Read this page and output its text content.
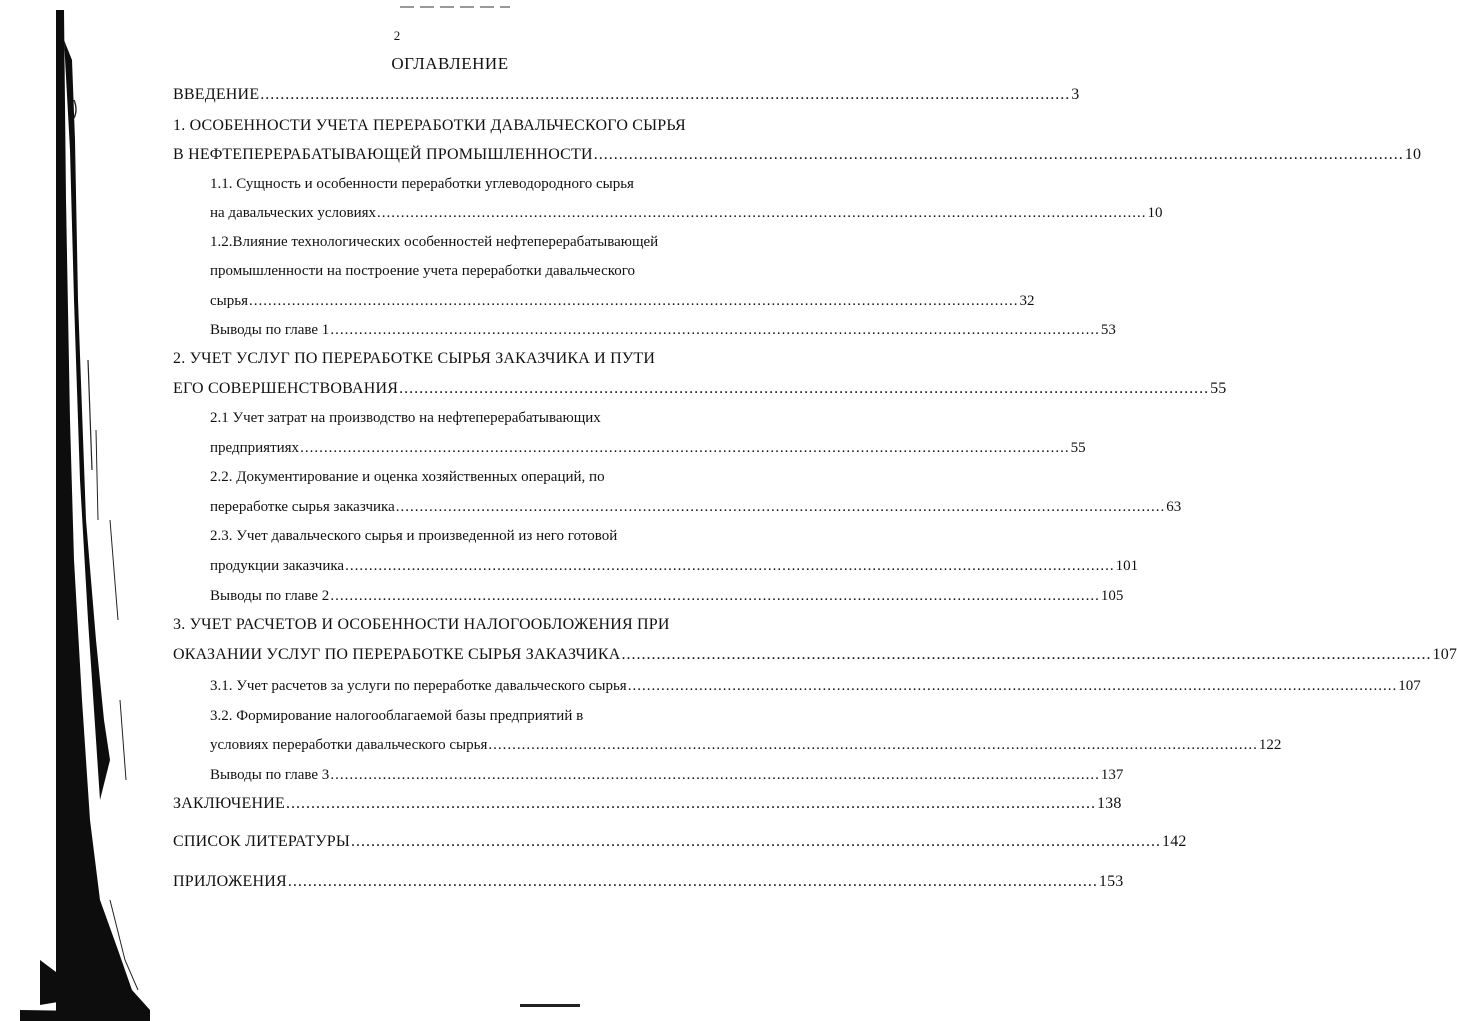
2
ОГЛАВЛЕНИЕ
ВВЕДЕНИЕ .................................................................................................................................................................. 3
1. ОСОБЕННОСТИ УЧЕТА ПЕРЕРАБОТКИ ДАВАЛЬЧЕСКОГО СЫРЬЯ
В НЕФТЕПЕРЕРАБАТЫВАЮЩЕЙ ПРОМЫШЛЕННОСТИ .................................................................................................................................................................. 10
1.1. Сущность и особенности переработки углеводородного сырья
на давальческих условиях .................................................................................................................................................................. 10
1.2.Влияние технологических особенностей нефтеперерабатывающей
промышленности на построение учета переработки давальческого
сырья .................................................................................................................................................................. 32
Выводы по главе 1 .................................................................................................................................................................. 53
2. УЧЕТ УСЛУГ ПО ПЕРЕРАБОТКЕ СЫРЬЯ ЗАКАЗЧИКА И ПУТИ
ЕГО СОВЕРШЕНСТВОВАНИЯ .................................................................................................................................................................. 55
2.1 Учет затрат на производство на нефтеперерабатывающих
предприятиях .................................................................................................................................................................. 55
2.2. Документирование и оценка хозяйственных операций, по
переработке сырья заказчика .................................................................................................................................................................. 63
2.3. Учет давальческого сырья и произведенной из него готовой
продукции заказчика .................................................................................................................................................................. 101
Выводы по главе 2 .................................................................................................................................................................. 105
3. УЧЕТ РАСЧЕТОВ И ОСОБЕННОСТИ НАЛОГООБЛОЖЕНИЯ ПРИ
ОКАЗАНИИ УСЛУГ ПО ПЕРЕРАБОТКЕ СЫРЬЯ ЗАКАЗЧИКА .................................................................................................................................................................. 107
3.1. Учет расчетов за услуги по переработке давальческого сырья .................................................................................................................................................................. 107
3.2. Формирование налогооблагаемой базы предприятий в
условиях переработки давальческого сырья .................................................................................................................................................................. 122
Выводы по главе 3 .................................................................................................................................................................. 137
ЗАКЛЮЧЕНИЕ .................................................................................................................................................................. 138
СПИСОК ЛИТЕРАТУРЫ .................................................................................................................................................................. 142
ПРИЛОЖЕНИЯ .................................................................................................................................................................. 153
